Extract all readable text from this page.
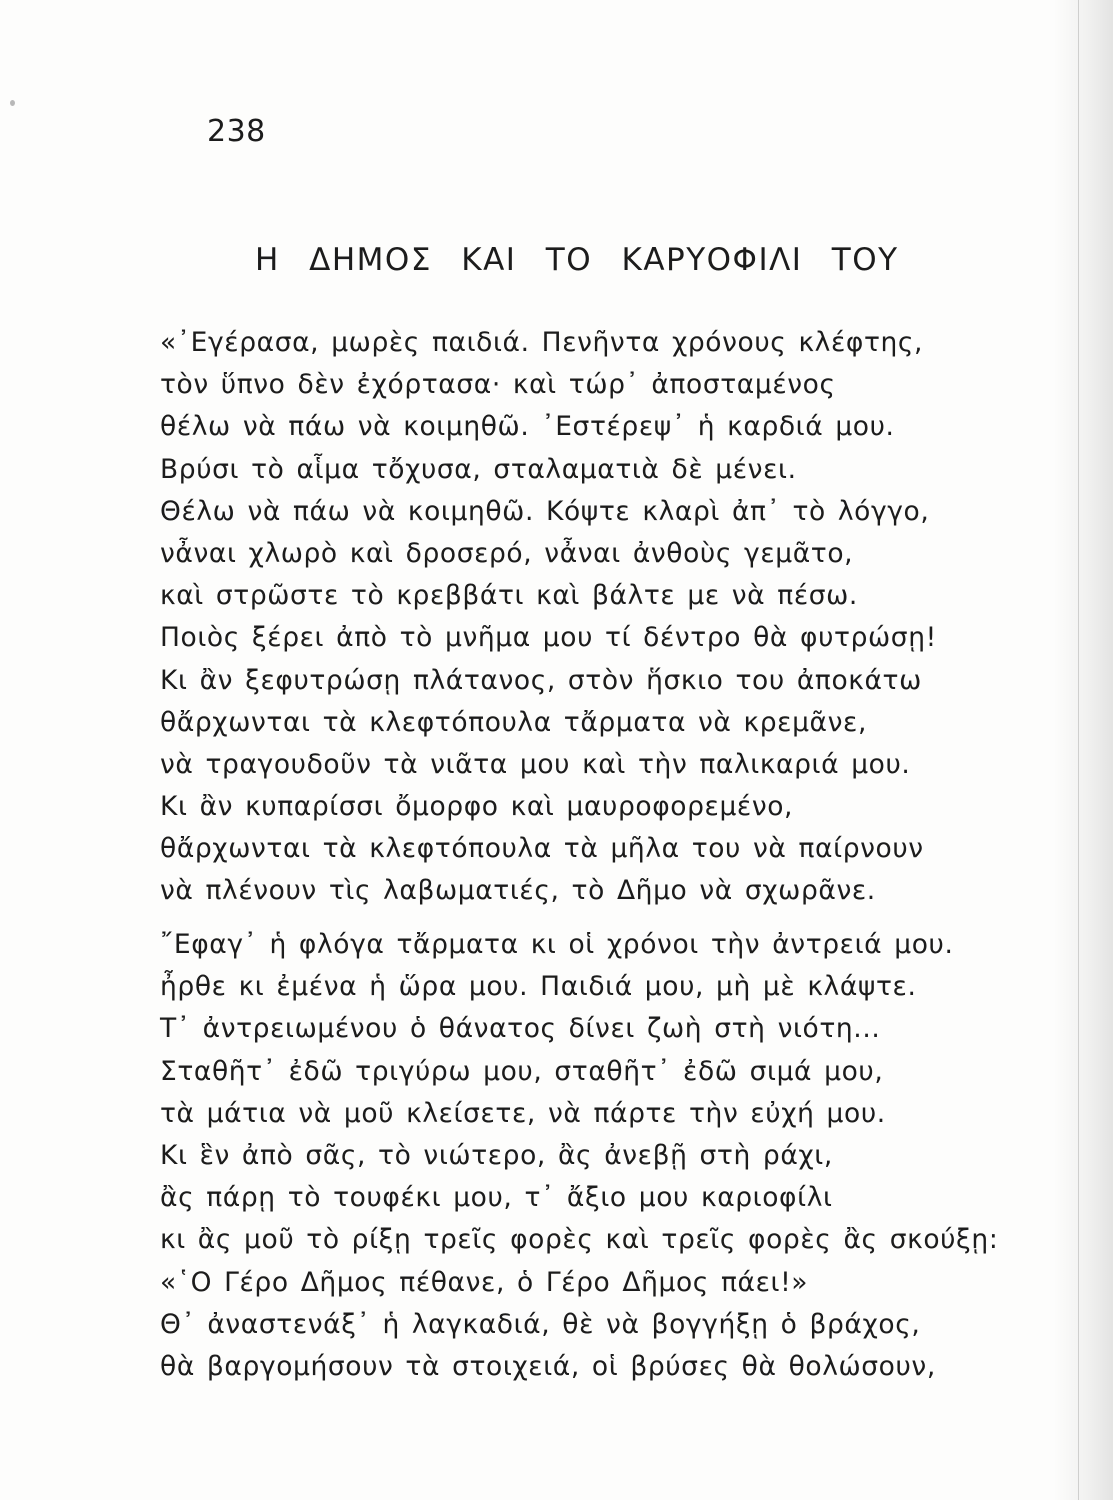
238
Η ΔΗΜΟΣ ΚΑΙ ΤΟ ΚΑΡΥΟΦΙΛΙ ΤΟΥ
«᾿Εγέρασα, μωρὲς παιδιά. Πενῆντα χρόνους κλέφτης,
τὸν ὕπνο δὲν ἐχόρτασα· καὶ τώρ᾿ ἀποσταμένος
θέλω νὰ πάω νὰ κοιμηθῶ. ᾿Εστέρεψ᾿ ἡ καρδιά μου.
Βρύσι τὸ αἷμα τὄχυσα, σταλαματιὰ δὲ μένει.
Θέλω νὰ πάω νὰ κοιμηθῶ. Κόψτε κλαρὶ ἀπ᾿ τὸ λόγγο,
νἆναι χλωρὸ καὶ δροσερό, νἆναι ἀνθοὺς γεμᾶτο,
καὶ στρῶστε τὸ κρεββάτι καὶ βάλτε με νὰ πέσω.
Ποιὸς ξέρει ἀπὸ τὸ μνῆμα μου τί δέντρο θὰ φυτρώσῃ!
Κι ἂν ξεφυτρώσῃ πλάτανος, στὸν ἥσκιο του ἀποκάτω
θἄρχωνται τὰ κλεφτόπουλα τἄρματα νὰ κρεμᾶνε,
νὰ τραγουδοῦν τὰ νιᾶτα μου καὶ τὴν παλικαριά μου.
Κι ἂν κυπαρίσσι ὄμορφο καὶ μαυροφορεμένο,
θἄρχωνται τὰ κλεφτόπουλα τὰ μῆλα του νὰ παίρνουν
νὰ πλένουν τὶς λαβωματιές, τὸ Δῆμο νὰ σχωρᾶνε.
῎Εφαγ᾿ ἡ φλόγα τἄρματα κι οἱ χρόνοι τὴν ἀντρειά μου.
ἦρθε κι ἐμένα ἡ ὥρα μου. Παιδιά μου, μὴ μὲ κλάψτε.
Τ᾿ ἀντρειωμένου ὁ θάνατος δίνει ζωὴ στὴ νιότη...
Σταθῆτ᾿ ἐδῶ τριγύρω μου, σταθῆτ᾿ ἐδῶ σιμά μου,
τὰ μάτια νὰ μοῦ κλείσετε, νὰ πάρτε τὴν εὐχή μου.
Κι ἓν ἀπὸ σᾶς, τὸ νιώτερο, ἂς ἀνεβῇ στὴ ράχι,
ἂς πάρῃ τὸ τουφέκι μου, τ᾿ ἄξιο μου καριοφίλι
κι ἂς μοῦ τὸ ρίξῃ τρεῖς φορὲς καὶ τρεῖς φορὲς ἂς σκούξῃ:
«῾Ο Γέρο Δῆμος πέθανε, ὁ Γέρο Δῆμος πάει!»
Θ᾿ ἀναστενάξ᾿ ἡ λαγκαδιά, θὲ νὰ βογγήξῃ ὁ βράχος,
θὰ βαργομήσουν τὰ στοιχειά, οἱ βρύσες θὰ θολώσουν,
